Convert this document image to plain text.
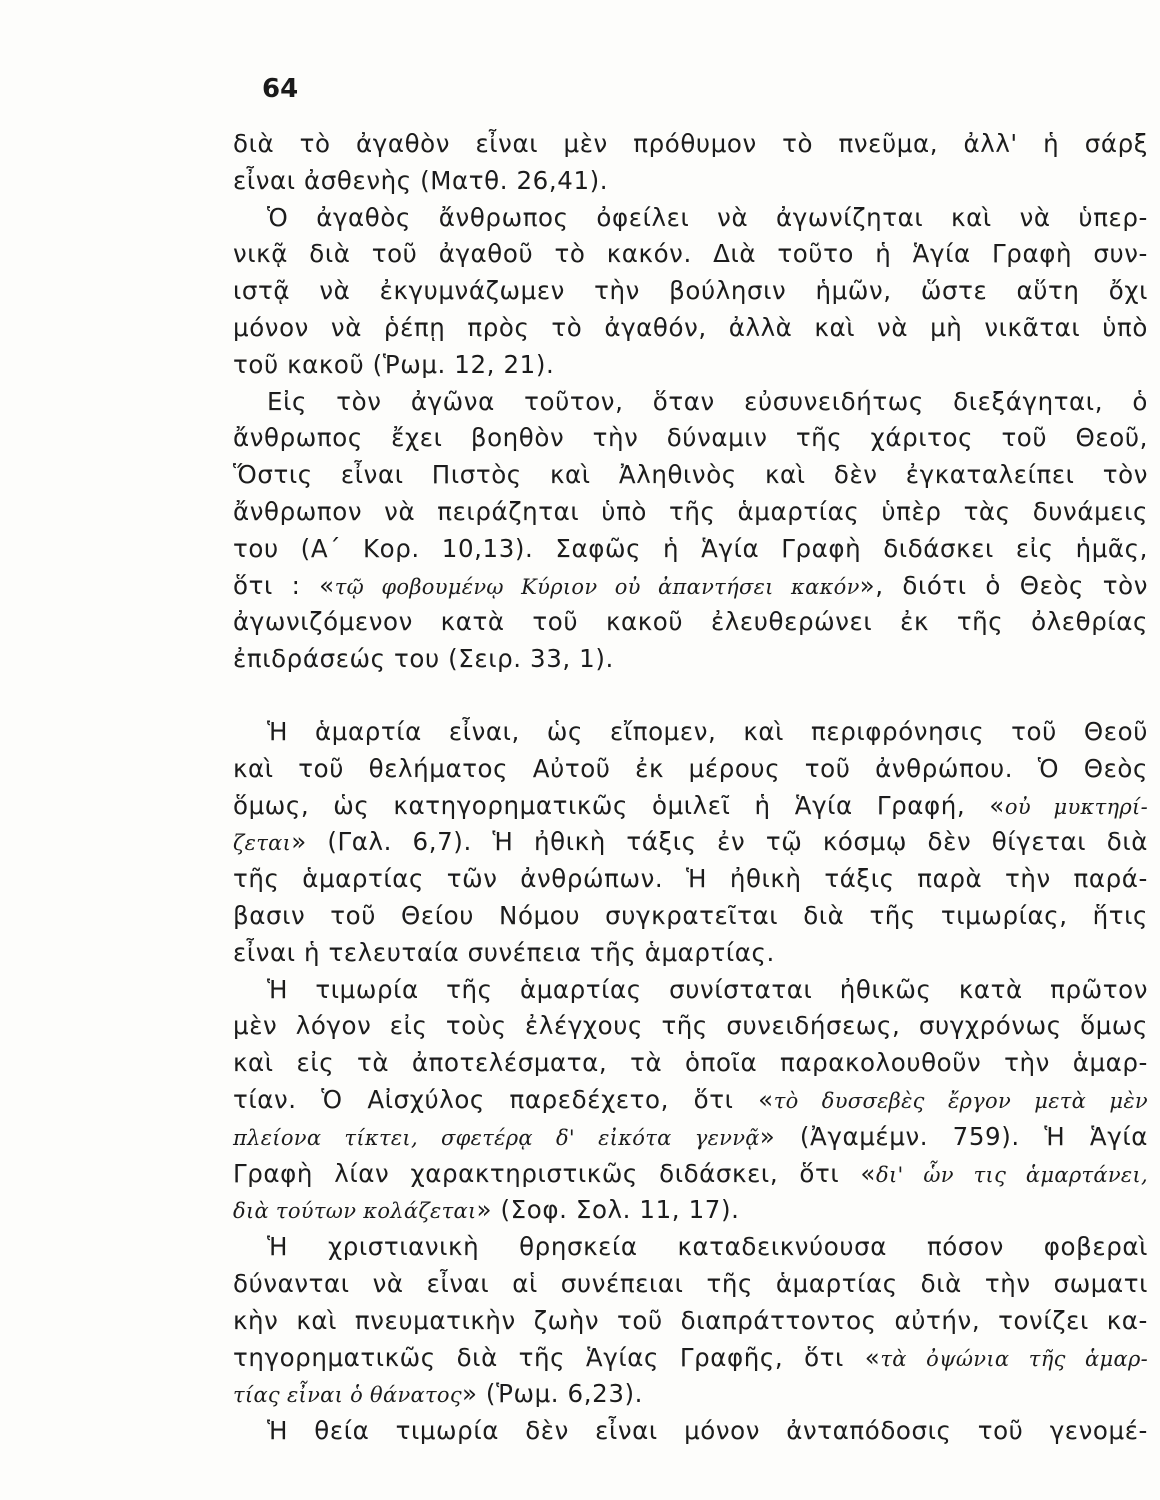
64
διὰ τὸ ἀγαθὸν εἶναι μὲν πρόθυμον τὸ πνεῦμα, ἀλλ' ἡ σάρξ
εἶναι ἀσθενὴς (Ματθ. 26,41).
Ὁ ἀγαθὸς ἄνθρωπος ὀφείλει νὰ ἀγωνίζηται καὶ νὰ ὑπερ-
νικᾷ διὰ τοῦ ἀγαθοῦ τὸ κακόν. Διὰ τοῦτο ἡ Ἁγία Γραφὴ συν-
ιστᾷ νὰ ἐκγυμνάζωμεν τὴν βούλησιν ἡμῶν, ὥστε αὕτη ὄχι
μόνον νὰ ῥέπῃ πρὸς τὸ ἀγαθόν, ἀλλὰ καὶ νὰ μὴ νικᾶται ὑπὸ
τοῦ κακοῦ (Ῥωμ. 12, 21).
Εἰς τὸν ἀγῶνα τοῦτον, ὅταν εὐσυνειδήτως διεξάγηται, ὁ
ἄνθρωπος ἔχει βοηθὸν τὴν δύναμιν τῆς χάριτος τοῦ Θεοῦ,
Ὅστις εἶναι Πιστὸς καὶ Ἀληθινὸς καὶ δὲν ἐγκαταλείπει τὸν
ἄνθρωπον νὰ πειράζηται ὑπὸ τῆς ἁμαρτίας ὑπὲρ τὰς δυνάμεις
του (Α΄ Κορ. 10,13). Σαφῶς ἡ Ἁγία Γραφὴ διδάσκει εἰς ἡμᾶς,
ὅτι : «τῷ φοβουμένῳ Κύριον οὐ ἀπαντήσει κακόν», διότι ὁ Θεὸς τὸν
ἀγωνιζόμενον κατὰ τοῦ κακοῦ ἐλευθερώνει ἐκ τῆς ὀλεθρίας
ἐπιδράσεώς του (Σειρ. 33, 1).
Ἡ ἁμαρτία εἶναι, ὡς εἴπομεν, καὶ περιφρόνησις τοῦ Θεοῦ
καὶ τοῦ θελήματος Αὐτοῦ ἐκ μέρους τοῦ ἀνθρώπου. Ὁ Θεὸς
ὅμως, ὡς κατηγορηματικῶς ὁμιλεῖ ἡ Ἁγία Γραφή, «οὐ μυκτηρί-
ζεται» (Γαλ. 6,7). Ἡ ἠθικὴ τάξις ἐν τῷ κόσμῳ δὲν θίγεται διὰ
τῆς ἁμαρτίας τῶν ἀνθρώπων. Ἡ ἠθικὴ τάξις παρὰ τὴν παρά-
βασιν τοῦ Θείου Νόμου συγκρατεῖται διὰ τῆς τιμωρίας, ἥτις
εἶναι ἡ τελευταία συνέπεια τῆς ἁμαρτίας.
Ἡ τιμωρία τῆς ἁμαρτίας συνίσταται ἠθικῶς κατὰ πρῶτον
μὲν λόγον εἰς τοὺς ἐλέγχους τῆς συνειδήσεως, συγχρόνως ὅμως
καὶ εἰς τὰ ἀποτελέσματα, τὰ ὁποῖα παρακολουθοῦν τὴν ἁμαρ-
τίαν. Ὁ Αἰσχύλος παρεδέχετο, ὅτι «τὸ δυσσεβὲς ἔργον μετὰ μὲν
πλείονα τίκτει, σφετέρᾳ δ' εἰκότα γεννᾷ» (Ἀγαμέμν. 759). Ἡ Ἁγία
Γραφὴ λίαν χαρακτηριστικῶς διδάσκει, ὅτι «δι' ὧν τις ἁμαρτάνει,
διὰ τούτων κολάζεται» (Σοφ. Σολ. 11, 17).
Ἡ χριστιανικὴ θρησκεία καταδεικνύουσα πόσον φοβεραὶ
δύνανται νὰ εἶναι αἱ συνέπειαι τῆς ἁμαρτίας διὰ τὴν σωματι
κὴν καὶ πνευματικὴν ζωὴν τοῦ διαπράττοντος αὐτήν, τονίζει κα-
τηγορηματικῶς διὰ τῆς Ἁγίας Γραφῆς, ὅτι «τὰ ὀψώνια τῆς ἁμαρ-
τίας εἶναι ὁ θάνατος» (Ῥωμ. 6,23).
Ἡ θεία τιμωρία δὲν εἶναι μόνον ἀνταπόδοσις τοῦ γενομέ-
